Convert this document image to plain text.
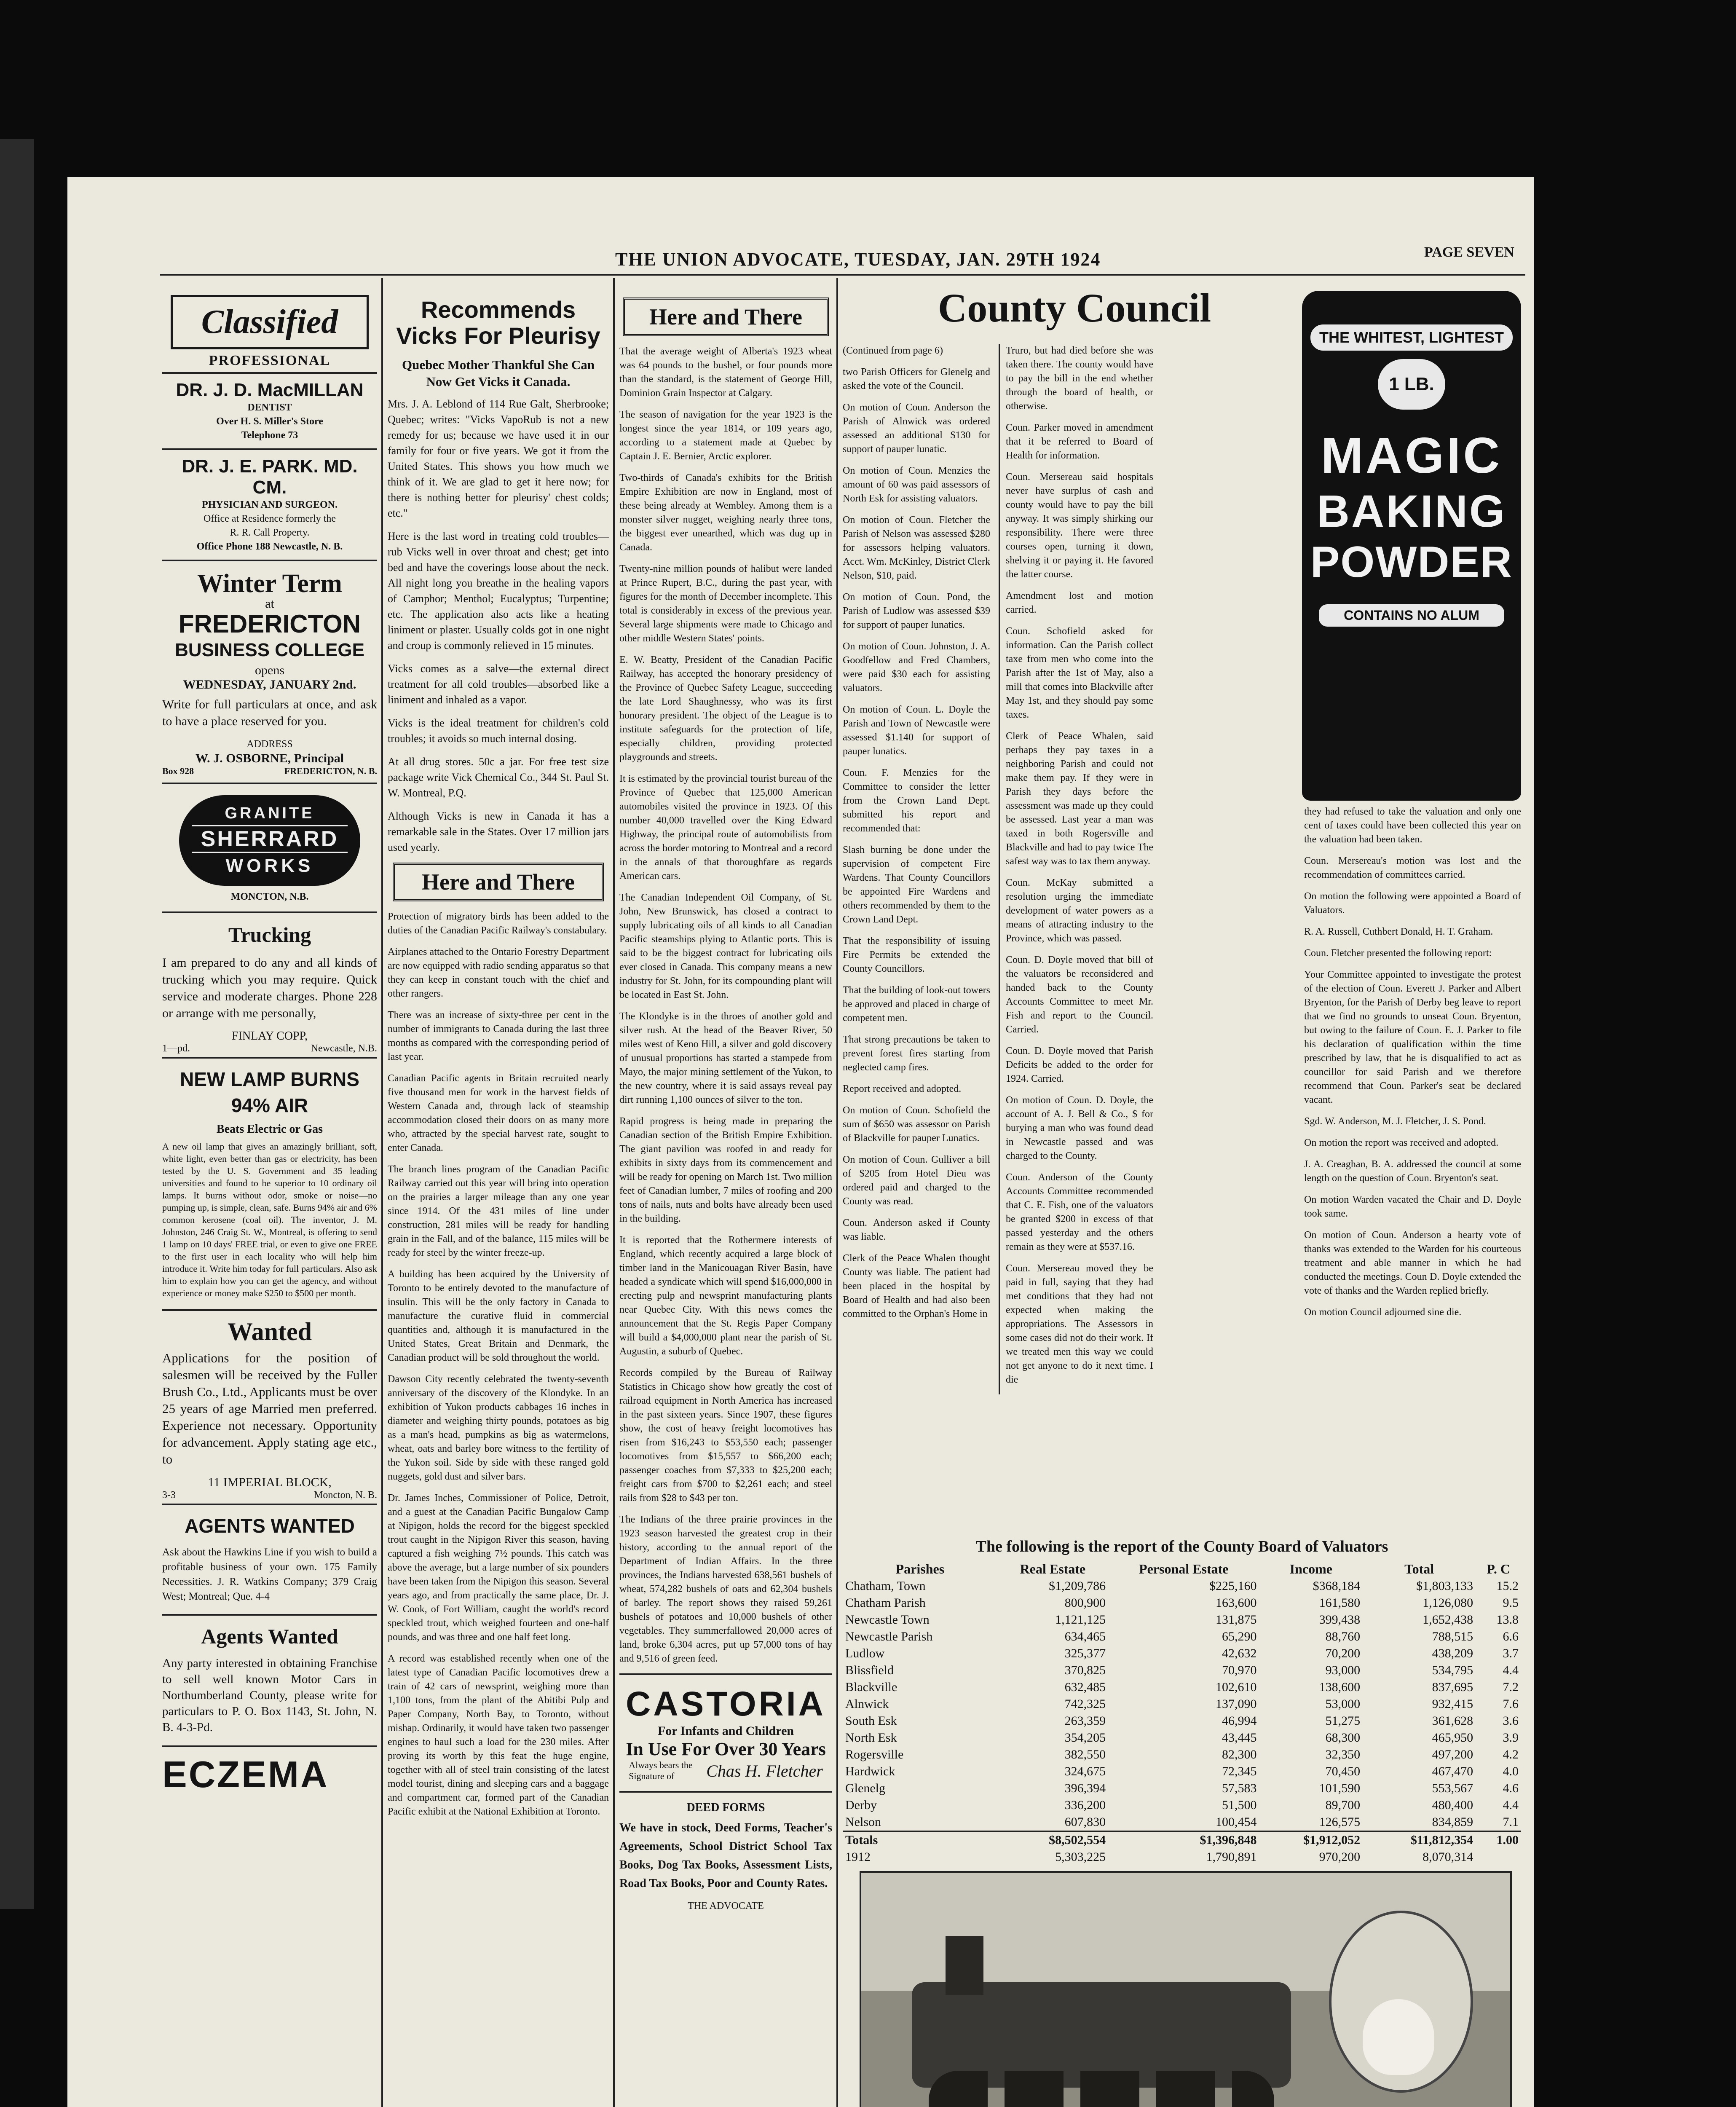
THE UNION ADVOCATE, TUESDAY, JAN. 29TH 1924	PAGE SEVEN
Classified
PROFESSIONAL
DR. J. D. MacMILLAN
DENTIST
Over H. S. Miller's Store
Telephone 73
DR. J. E. PARK. MD. CM.
PHYSICIAN AND SURGEON.
Office at Residence formerly the
R. R. Call Property.
Office Phone 188 Newcastle, N. B.
Winter Term
at
FREDERICTON
BUSINESS COLLEGE
opens
WEDNESDAY, JANUARY 2nd.
Write for full particulars at once, and ask to have a place reserved for you.
ADDRESS
W. J. OSBORNE, Principal
Box 928	FREDERICTON, N. B.
GRANITE
SHERRARD
WORKS
MONCTON, N.B.
Trucking
I am prepared to do any and all kinds of trucking which you may require. Quick service and moderate charges. Phone 228 or arrange with me personally,
FINLAY COPP,
1—pd.	Newcastle, N.B.
NEW LAMP BURNS
94% AIR
Beats Electric or Gas
A new oil lamp that gives an amazingly brilliant, soft, white light, even better than gas or electricity, has been tested by the U. S. Government and 35 leading universities and found to be superior to 10 ordinary oil lamps. It burns without odor, smoke or noise—no pumping up, is simple, clean, safe. Burns 94% air and 6% common kerosene (coal oil). The inventor, J. M. Johnston, 246 Craig St. W., Montreal, is offering to send 1 lamp on 10 days' FREE trial, or even to give one FREE to the first user in each locality who will help him introduce it. Write him today for full particulars. Also ask him to explain how you can get the agency, and without experience or money make $250 to $500 per month.
Wanted
Applications for the position of salesmen will be received by the Fuller Brush Co., Ltd., Applicants must be over 25 years of age Married men preferred. Experience not necessary. Opportunity for advancement. Apply stating age etc., to
11 IMPERIAL BLOCK,
3-3	Moncton, N. B.
AGENTS WANTED
Ask about the Hawkins Line if you wish to build a profitable business of your own. 175 Family Necessities. J. R. Watkins Company; 379 Craig West; Montreal; Que. 4-4
Agents Wanted
Any party interested in obtaining Franchise to sell well known Motor Cars in Northumberland County, please write for particulars to P. O. Box 1143, St. John, N. B. 4-3-Pd.
ECZEMA
Recommends Vicks For Pleurisy
Quebec Mother Thankful She Can Now Get Vicks it Canada.

Mrs. J. A. Leblond of 114 Rue Galt, Sherbrooke; Quebec; writes: "Vicks VapoRub is not a new remedy for us; because we have used it in our family for four or five years. We got it from the United States. This shows you how much we think of it. We are glad to get it here now; for there is nothing better for pleurisy' chest colds; etc."

Here is the last word in treating cold troubles—rub Vicks well in over throat and chest; get into bed and have the coverings loose about the neck. All night long you breathe in the healing vapors of Camphor; Menthol; Eucalyptus; Turpentine; etc. The application also acts like a heating liniment or plaster. Usually colds got in one night and croup is commonly relieved in 15 minutes.

Vicks comes as a salve—the external direct treatment for all cold troubles—absorbed like a liniment and inhaled as a vapor.

Vicks is the ideal treatment for children's cold troubles; it avoids so much internal dosing.

At all drug stores. 50c a jar. For free test size package write Vick Chemical Co., 344 St. Paul St. W. Montreal, P.Q.

Although Vicks is new in Canada it has a remarkable sale in the States. Over 17 million jars used yearly.

Here and There

Protection of migratory birds has been added to the duties of the Canadian Pacific Railway's constabulary.

Airplanes attached to the Ontario Forestry Department are now equipped with radio sending apparatus so that they can keep in constant touch with the chief and other rangers.

There was an increase of sixty-three per cent in the number of immigrants to Canada during the last three months as compared with the corresponding period of last year.

Canadian Pacific agents in Britain recruited nearly five thousand men for work in the harvest fields of Western Canada and, through lack of steamship accommodation closed their doors on as many more who, attracted by the special harvest rate, sought to enter Canada.

The branch lines program of the Canadian Pacific Railway carried out this year will bring into operation on the prairies a larger mileage than any one year since 1914. Of the 431 miles of line under construction, 281 miles will be ready for handling grain in the Fall, and of the balance, 115 miles will be ready for steel by the winter freeze-up.

A building has been acquired by the University of Toronto to be entirely devoted to the manufacture of insulin. This will be the only factory in Canada to manufacture the curative fluid in commercial quantities and, although it is manufactured in the United States, Great Britain and Denmark, the Canadian product will be sold throughout the world.

Dawson City recently celebrated the twenty-seventh anniversary of the discovery of the Klondyke. In an exhibition of Yukon products cabbages 16 inches in diameter and weighing thirty pounds, potatoes as big as a man's head, pumpkins as big as watermelons, wheat, oats and barley bore witness to the fertility of the Yukon soil. Side by side with these ranged gold nuggets, gold dust and silver bars.

Dr. James Inches, Commissioner of Police, Detroit, and a guest at the Canadian Pacific Bungalow Camp at Nipigon, holds the record for the biggest speckled trout caught in the Nipigon River this season, having captured a fish weighing 7½ pounds. This catch was above the average, but a large number of six pounders have been taken from the Nipigon this season. Several years ago, and from practically the same place, Dr. J. W. Cook, of Fort William, caught the world's record speckled trout, which weighed fourteen and one-half pounds, and was three and one half feet long.

A record was established recently when one of the latest type of Canadian Pacific locomotives drew a train of 42 cars of newsprint, weighing more than 1,100 tons, from the plant of the Abitibi Pulp and Paper Company, North Bay, to Toronto, without mishap. Ordinarily, it would have taken two passenger engines to haul such a load for the 230 miles. After proving its worth by this feat the huge engine, together with all of steel train consisting of the latest model tourist, dining and sleeping cars and a baggage and compartment car, formed part of the Canadian Pacific exhibit at the National Exhibition at Toronto.

Here and There

That the average weight of Alberta's 1923 wheat was 64 pounds to the bushel, or four pounds more than the standard, is the statement of George Hill, Dominion Grain Inspector at Calgary.

The season of navigation for the year 1923 is the longest since the year 1814, or 109 years ago, according to a statement made at Quebec by Captain J. E. Bernier, Arctic explorer.

Two-thirds of Canada's exhibits for the British Empire Exhibition are now in England, most of these being already at Wembley. Among them is a monster silver nugget, weighing nearly three tons, the biggest ever unearthed, which was dug up in Canada.

Twenty-nine million pounds of halibut were landed at Prince Rupert, B.C., during the past year, with figures for the month of December incomplete. This total is considerably in excess of the previous year. Several large shipments were made to Chicago and other middle Western States' points.

E. W. Beatty, President of the Canadian Pacific Railway, has accepted the honorary presidency of the Province of Quebec Safety League, succeeding the late Lord Shaughnessy, who was its first honorary president. The object of the League is to institute safeguards for the protection of life, especially children, providing protected playgrounds and streets.

It is estimated by the provincial tourist bureau of the Province of Quebec that 125,000 American automobiles visited the province in 1923. Of this number 40,000 travelled over the King Edward Highway, the principal route of automobilists from across the border motoring to Montreal and a record in the annals of that thoroughfare as regards American cars.

The Canadian Independent Oil Company, of St. John, New Brunswick, has closed a contract to supply lubricating oils of all kinds to all Canadian Pacific steamships plying to Atlantic ports. This is said to be the biggest contract for lubricating oils ever closed in Canada. This company means a new industry for St. John, for its compounding plant will be located in East St. John.

The Klondyke is in the throes of another gold and silver rush. At the head of the Beaver River, 50 miles west of Keno Hill, a silver and gold discovery of unusual proportions has started a stampede from Mayo, the major mining settlement of the Yukon, to the new country, where it is said assays reveal pay dirt running 1,100 ounces of silver to the ton.

Rapid progress is being made in preparing the Canadian section of the British Empire Exhibition. The giant pavilion was roofed in and ready for exhibits in sixty days from its commencement and will be ready for opening on March 1st. Two million feet of Canadian lumber, 7 miles of roofing and 200 tons of nails, nuts and bolts have already been used in the building.

It is reported that the Rothermere interests of England, which recently acquired a large block of timber land in the Manicouagan River Basin, have headed a syndicate which will spend $16,000,000 in erecting pulp and newsprint manufacturing plants near Quebec City. With this news comes the announcement that the St. Regis Paper Company will build a $4,000,000 plant near the parish of St. Augustin, a suburb of Quebec.

Records compiled by the Bureau of Railway Statistics in Chicago show how greatly the cost of railroad equipment in North America has increased in the past sixteen years. Since 1907, these figures show, the cost of heavy freight locomotives has risen from $16,243 to $53,550 each; passenger locomotives from $15,557 to $66,200 each; passenger coaches from $7,333 to $25,200 each; freight cars from $700 to $2,261 each; and steel rails from $28 to $43 per ton.

The Indians of the three prairie provinces in the 1923 season harvested the greatest crop in their history, according to the annual report of the Department of Indian Affairs. In the three provinces, the Indians harvested 638,561 bushels of wheat, 574,282 bushels of oats and 62,304 bushels of barley. The report shows they raised 59,261 bushels of potatoes and 10,000 bushels of other vegetables. They summerfallowed 20,000 acres of land, broke 6,304 acres, put up 57,000 tons of hay and 9,516 of green feed.

CASTORIA
For Infants and Children
In Use For Over 30 Years
Always bears the Signature of	Chas H. Fletcher
DEED FORMS
We have in stock, Deed Forms, Teacher's Agreements, School District School Tax Books, Dog Tax Books, Assessment Lists, Road Tax Books, Poor and County Rates.
THE ADVOCATE
County Council

(Continued from page 6)

two Parish Officers for Glenelg and asked the vote of the Council.

On motion of Coun. Anderson the Parish of Alnwick was ordered assessed an additional $130 for support of pauper lunatic.

On motion of Coun. Menzies the amount of 60 was paid assessors of North Esk for assisting valuators.

On motion of Coun. Fletcher the Parish of Nelson was assessed $280 for assessors helping valuators. Acct. Wm. McKinley, District Clerk Nelson, $10, paid.

On motion of Coun. Pond, the Parish of Ludlow was assessed $39 for support of pauper lunatics.

On motion of Coun. Johnston, J. A. Goodfellow and Fred Chambers, were paid $30 each for assisting valuators.

On motion of Coun. L. Doyle the Parish and Town of Newcastle were assessed $1.140 for support of pauper lunatics.

Coun. F. Menzies for the Committee to consider the letter from the Crown Land Dept. submitted his report and recommended that:

Slash burning be done under the supervision of competent Fire Wardens. That County Councillors be appointed Fire Wardens and others recommended by them to the Crown Land Dept.

That the responsibility of issuing Fire Permits be extended the County Councillors.

That the building of look-out towers be approved and placed in charge of competent men.

That strong precautions be taken to prevent forest fires starting from neglected camp fires.

Report received and adopted.

On motion of Coun. Schofield the sum of $650 was assessor on Parish of Blackville for pauper Lunatics.

On motion of Coun. Gulliver a bill of $205 from Hotel Dieu was ordered paid and charged to the County was read.

Coun. Anderson asked if County was liable.

Clerk of the Peace Whalen thought County was liable. The patient had been placed in the hospital by Board of Health and had also been committed to the Orphan's Home in

Truro, but had died before she was taken there. The county would have to pay the bill in the end whether through the board of health, or otherwise.

Coun. Parker moved in amendment that it be referred to Board of Health for information.

Coun. Mersereau said hospitals never have surplus of cash and county would have to pay the bill anyway. It was simply shirking our responsibility. There were three courses open, turning it down, shelving it or paying it. He favored the latter course.

Amendment lost and motion carried.

Coun. Schofield asked for information. Can the Parish collect taxe from men who come into the Parish after the 1st of May, also a mill that comes into Blackville after May 1st, and they should pay some taxes.

Clerk of Peace Whalen, said perhaps they pay taxes in a neighboring Parish and could not make them pay. If they were in Parish they days before the assessment was made up they could be assessed. Last year a man was taxed in both Rogersville and Blackville and had to pay twice The safest way was to tax them anyway.

Coun. McKay submitted a resolution urging the immediate development of water powers as a means of attracting industry to the Province, which was passed.

Coun. D. Doyle moved that bill of the valuators be reconsidered and handed back to the County Accounts Committee to meet Mr. Fish and report to the Council. Carried.

Coun. D. Doyle moved that Parish Deficits be added to the order for 1924. Carried.

On motion of Coun. D. Doyle, the account of A. J. Bell & Co., $ for burying a man who was found dead in Newcastle passed and was charged to the County.

Coun. Anderson of the County Accounts Committee recommended that C. E. Fish, one of the valuators be granted $200 in excess of that passed yesterday and the others remain as they were at $537.16.

Coun. Mersereau moved they be paid in full, saying that they had met conditions that they had not expected when making the appropriations. The Assessors in some cases did not do their work. If we treated men this way we could not get anyone to do it next time. I die

THE WHITEST, LIGHTEST
1 LB.
MAGIC
BAKING
POWDER
CONTAINS NO ALUM

they had refused to take the valuation and only one cent of taxes could have been collected this year on the valuation had been taken.

Coun. Mersereau's motion was lost and the recommendation of committees carried.

On motion the following were appointed a Board of Valuators.

R. A. Russell, Cuthbert Donald, H. T. Graham.

Coun. Fletcher presented the following report:

Your Committee appointed to investigate the protest of the election of Coun. Everett J. Parker and Albert Bryenton, for the Parish of Derby beg leave to report that we find no grounds to unseat Coun. Bryenton, but owing to the failure of Coun. E. J. Parker to file his declaration of qualification within the time prescribed by law, that he is disqualified to act as councillor for said Parish and we therefore recommend that Coun. Parker's seat be declared vacant.

Sgd. W. Anderson, M. J. Fletcher, J. S. Pond.

On motion the report was received and adopted.

J. A. Creaghan, B. A. addressed the council at some length on the question of Coun. Bryenton's seat.

On motion Warden vacated the Chair and D. Doyle took same.

On motion of Coun. Anderson a hearty vote of thanks was extended to the Warden for his courteous treatment and able manner in which he had conducted the meetings. Coun D. Doyle extended the vote of thanks and the Warden replied briefly.

On motion Council adjourned sine die.

The following is the report of the County Board of Valuators
Parishes	Real Estate	Personal Estate	Income	Total	P. C
Chatham, Town	$1,209,786	$225,160	$368,184	$1,803,133	15.2
Chatham Parish	800,900	163,600	161,580	1,126,080	9.5
Newcastle Town	1,121,125	131,875	399,438	1,652,438	13.8
Newcastle Parish	634,465	65,290	88,760	788,515	6.6
Ludlow	325,377	42,632	70,200	438,209	3.7
Blissfield	370,825	70,970	93,000	534,795	4.4
Blackville	632,485	102,610	138,600	837,695	7.2
Alnwick	742,325	137,090	53,000	932,415	7.6
South Esk	263,359	46,994	51,275	361,628	3.6
North Esk	354,205	43,445	68,300	465,950	3.9
Rogersville	382,550	82,300	32,350	497,200	4.2
Hardwick	324,675	72,345	70,450	467,470	4.0
Glenelg	396,394	57,583	101,590	553,567	4.6
Derby	336,200	51,500	89,700	480,400	4.4
Nelson	607,830	100,454	126,575	834,859	7.1
Totals	$8,502,554	$1,396,848	$1,912,052	$11,812,354	1.00
1912	5,303,225	1,790,891	970,200	8,070,314	
